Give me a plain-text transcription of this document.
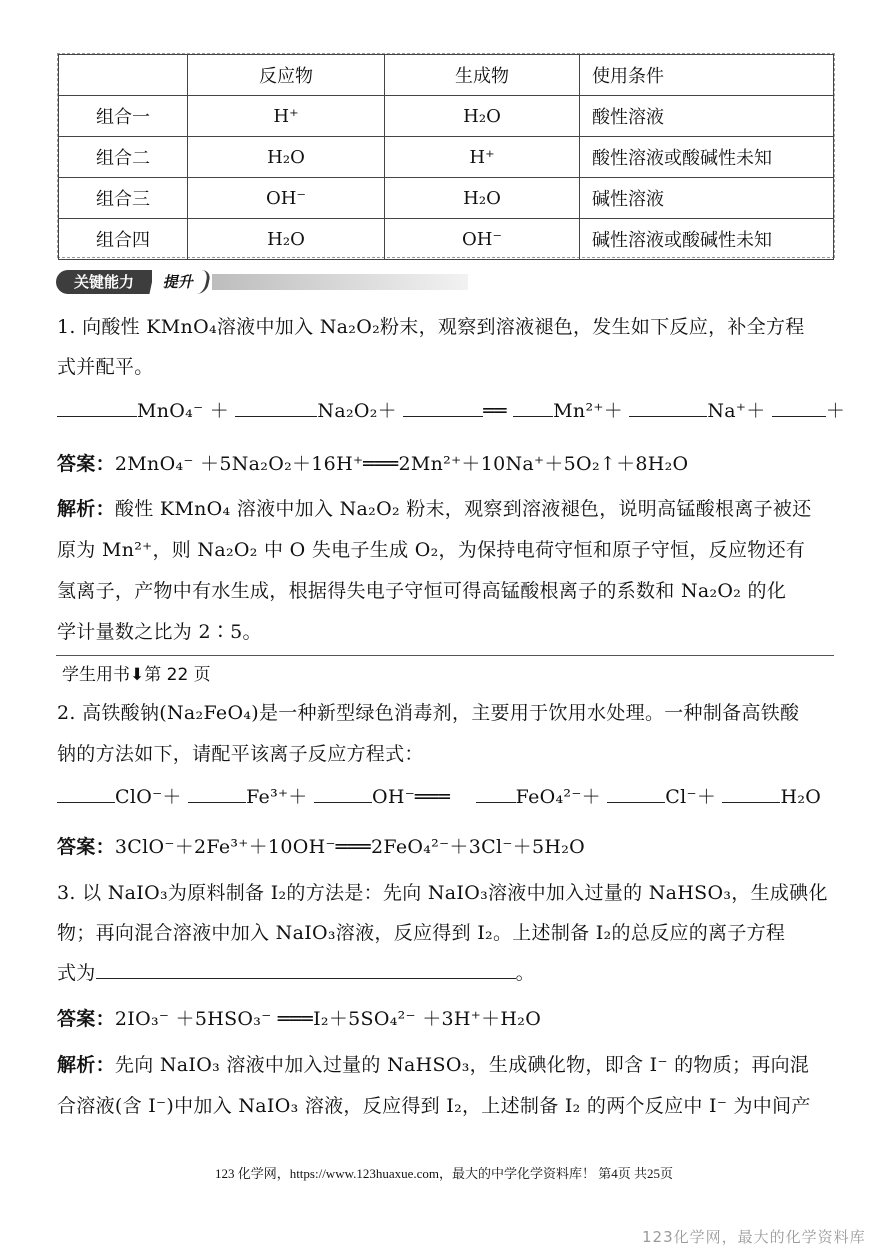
	反应物	生成物	使用条件
组合一	H⁺	H₂O	酸性溶液
组合二	H₂O	H⁺	酸性溶液或酸碱性未知
组合三	OH⁻	H₂O	碱性溶液
组合四	H₂O	OH⁻	碱性溶液或酸碱性未知
关键能力	提升
1. 向酸性 KMnO₄溶液中加入 Na₂O₂粉末，观察到溶液褪色，发生如下反应，补全方程
式并配平。
MnO₄⁻ ＋	Na₂O₂＋	══ Mn²⁺＋	Na⁺＋	＋
答案：2MnO₄⁻ ＋5Na₂O₂＋16H⁺═══2Mn²⁺＋10Na⁺＋5O₂↑＋8H₂O
解析：酸性 KMnO₄ 溶液中加入 Na₂O₂ 粉末，观察到溶液褪色，说明高锰酸根离子被还
原为 Mn²⁺，则 Na₂O₂ 中 O 失电子生成 O₂，为保持电荷守恒和原子守恒，反应物还有
氢离子，产物中有水生成，根据得失电子守恒可得高锰酸根离子的系数和 Na₂O₂ 的化
学计量数之比为 2∶5。
学生用书⬇第 22 页
2. 高铁酸钠(Na₂FeO₄)是一种新型绿色消毒剂，主要用于饮用水处理。一种制备高铁酸
钠的方法如下，请配平该离子反应方程式：
ClO⁻＋	Fe³⁺＋	OH⁻═══	FeO₄²⁻＋	Cl⁻＋	H₂O
答案：3ClO⁻＋2Fe³⁺＋10OH⁻═══2FeO₄²⁻＋3Cl⁻＋5H₂O
3. 以 NaIO₃为原料制备 I₂的方法是：先向 NaIO₃溶液中加入过量的 NaHSO₃，生成碘化
物；再向混合溶液中加入 NaIO₃溶液，反应得到 I₂。上述制备 I₂的总反应的离子方程
式为	。
答案：2IO₃⁻ ＋5HSO₃⁻ ═══I₂＋5SO₄²⁻ ＋3H⁺＋H₂O
解析：先向 NaIO₃ 溶液中加入过量的 NaHSO₃，生成碘化物，即含 I⁻ 的物质；再向混
合溶液(含 I⁻)中加入 NaIO₃ 溶液，反应得到 I₂，上述制备 I₂ 的两个反应中 I⁻ 为中间产
123 化学网，https://www.123huaxue.com，最大的中学化学资料库！ 第4页 共25页
123化学网，最大的化学资料库
